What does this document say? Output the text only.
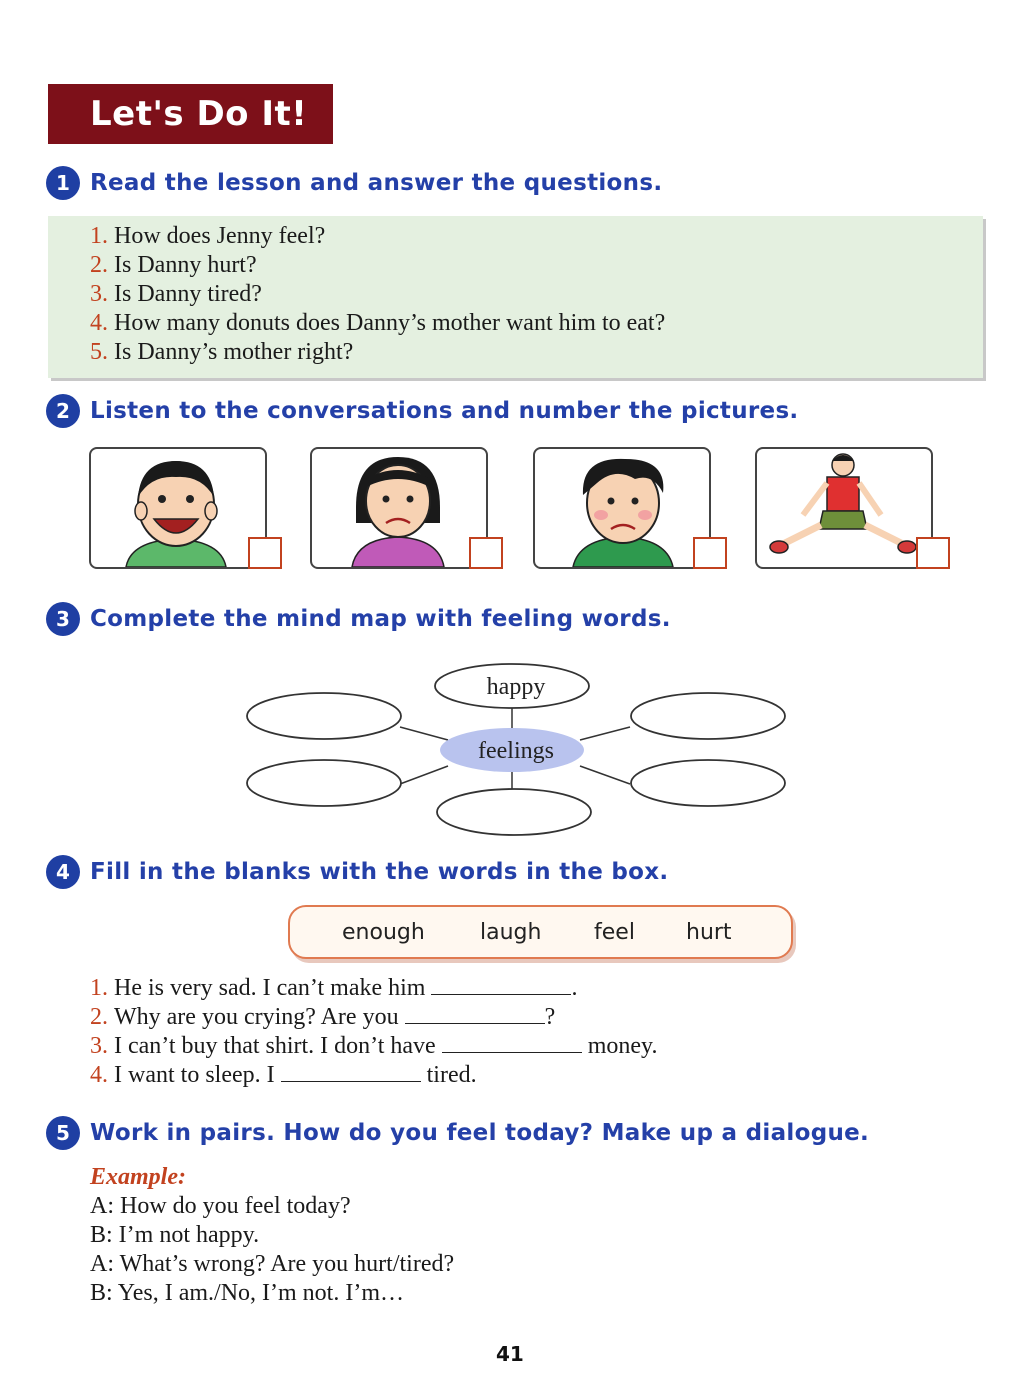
Let's Do It!
1 Read the lesson and answer the questions.
1. How does Jenny feel?
2. Is Danny hurt?
3. Is Danny tired?
4. How many donuts does Danny’s mother want him to eat?
5. Is Danny’s mother right?
2 Listen to the conversations and number the pictures.
3 Complete the mind map with feeling words.
happy
feelings
4 Fill in the blanks with the words in the box.
enough	laugh feel hurt
1. He is very sad. I can’t make him	.
2. Why are you crying? Are you	?
3. I can’t buy that shirt. I don’t have	money.
4. I want to sleep. I	tired.
5 Work in pairs. How do you feel today? Make up a dialogue.
Example:
A: How do you feel today?
B: I’m not happy.
A: What’s wrong? Are you hurt/tired?
B: Yes, I am./No, I’m not. I’m…
41
